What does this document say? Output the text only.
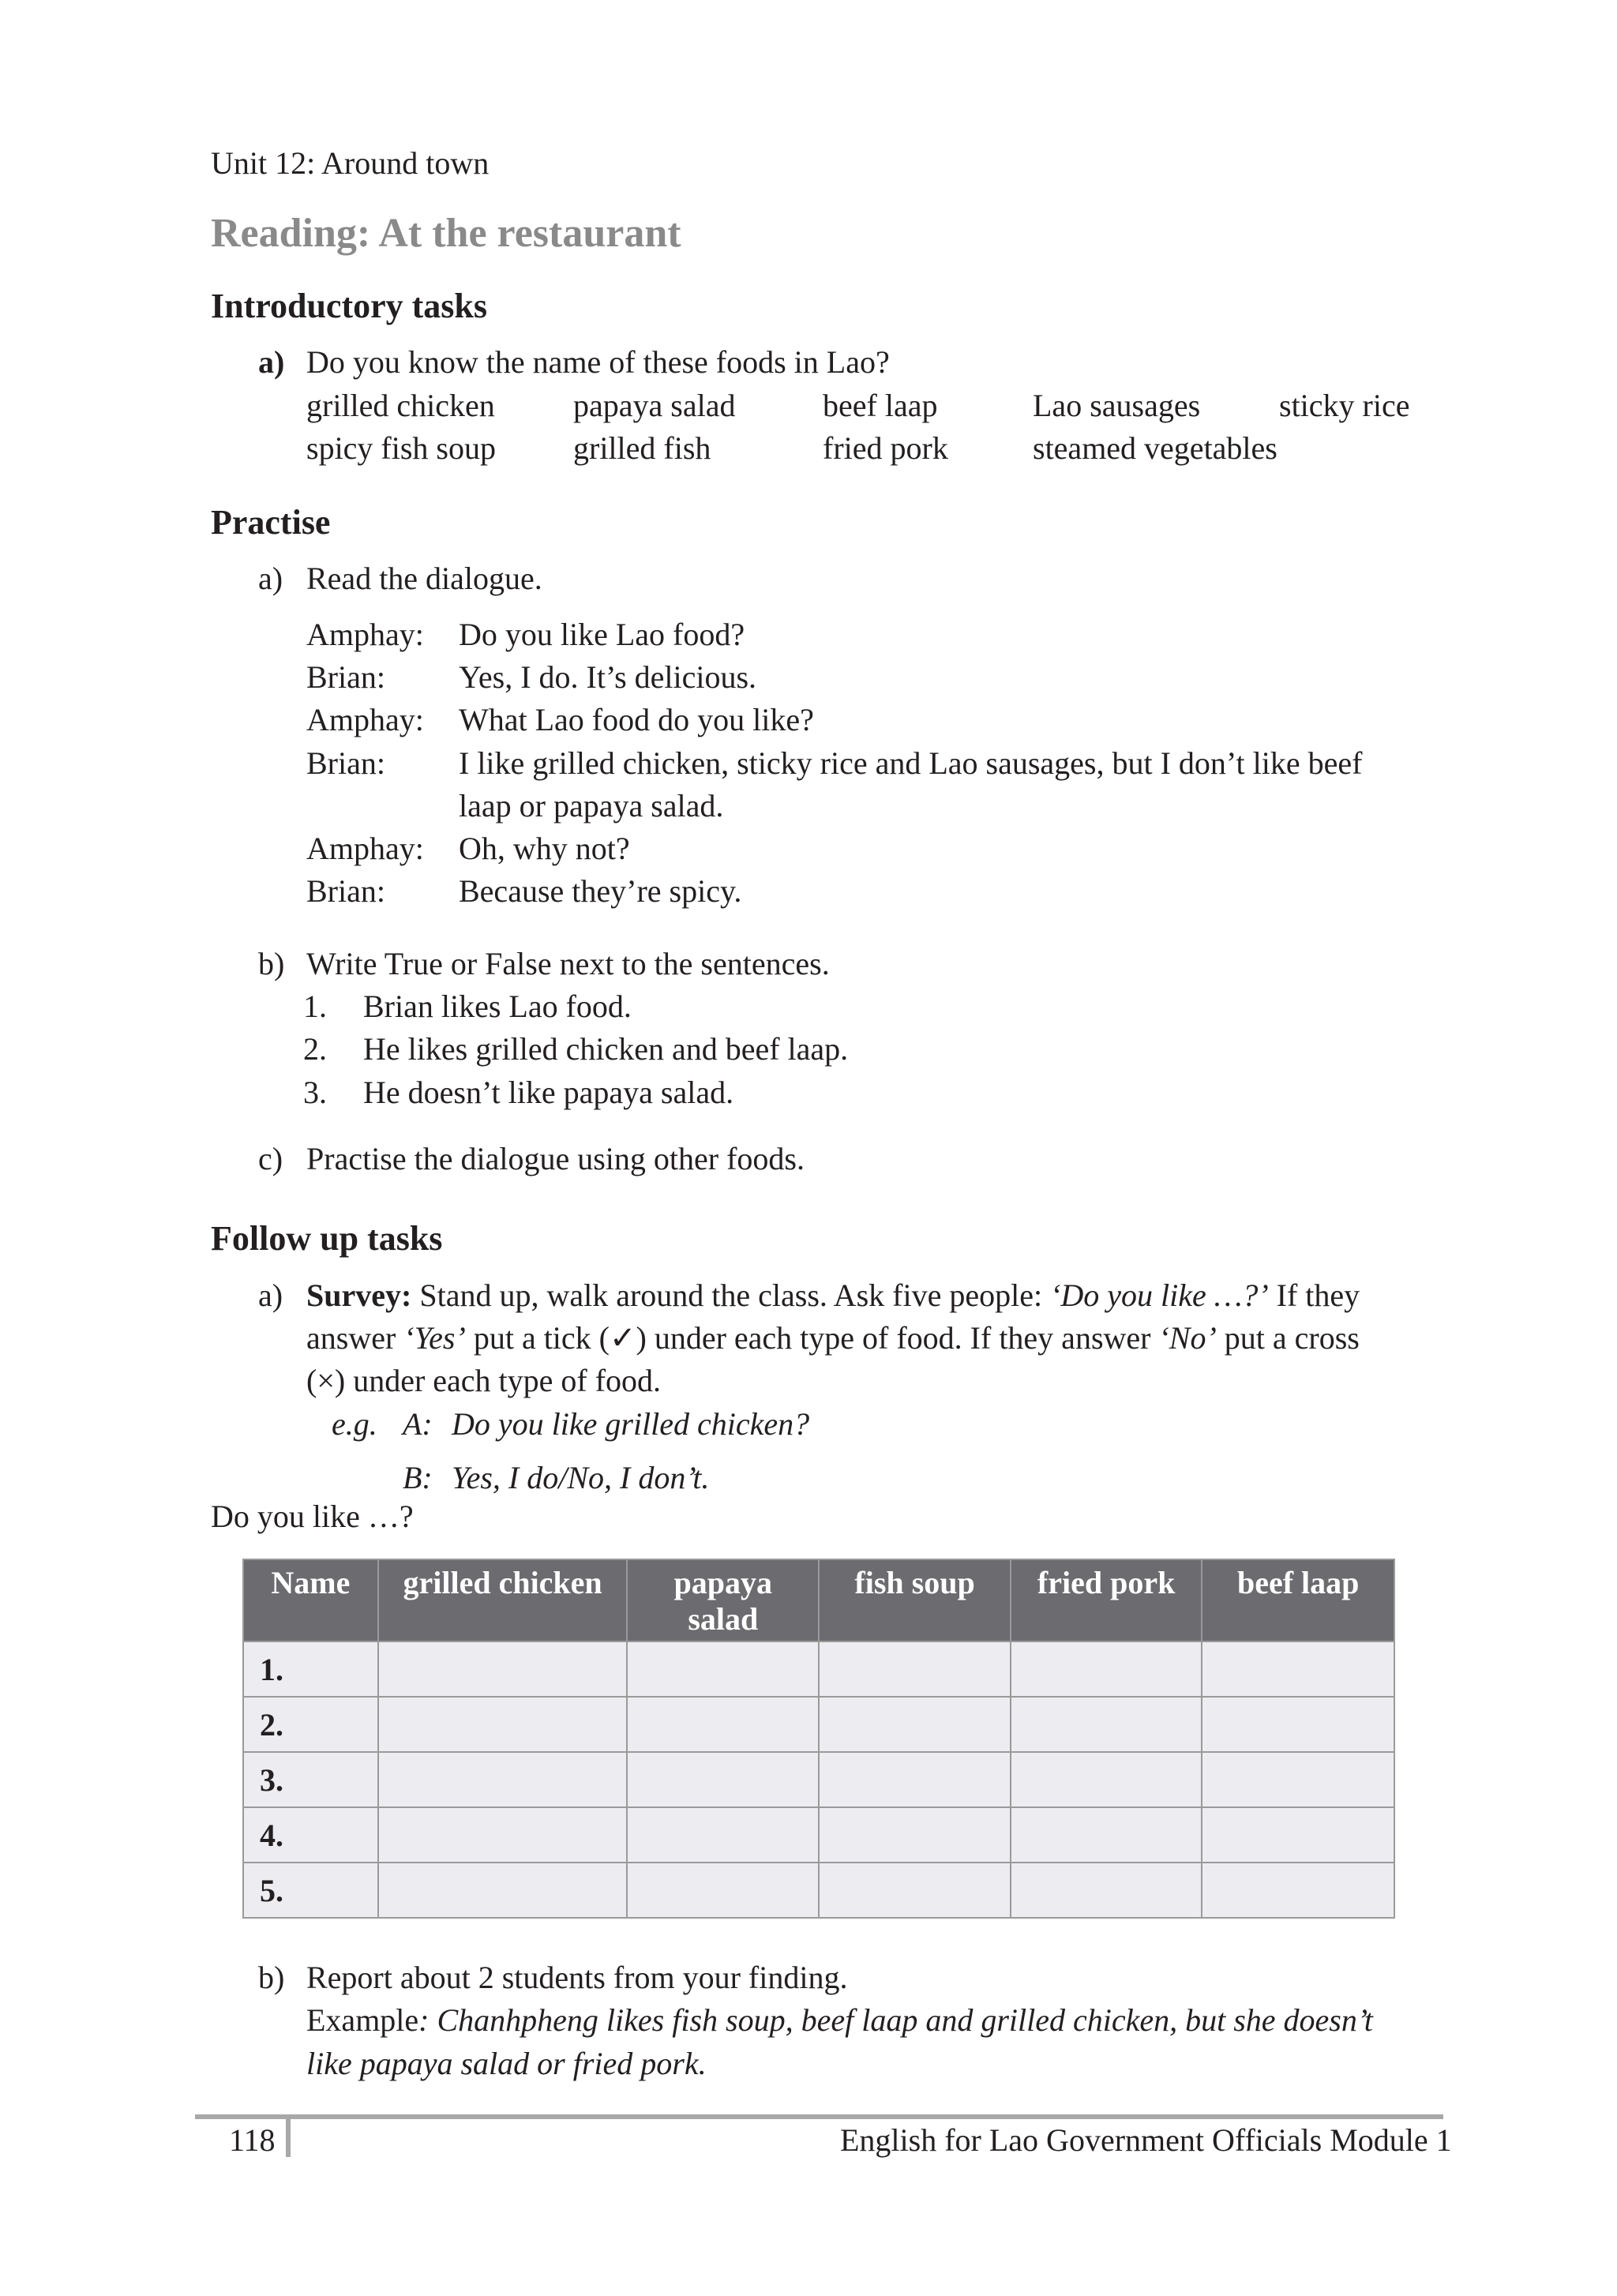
Unit 12: Around town
Reading: At the restaurant
Introductory tasks
a) Do you know the name of these foods in Lao?
grilled chicken papaya salad	beef laap	Lao sausages sticky rice
spicy fish soup grilled fish	fried pork	steamed vegetables
Practise
a) Read the dialogue.
Amphay: Do you like Lao food?
Brian: Yes, I do. It’s delicious.
Amphay: What Lao food do you like?
Brian: I like grilled chicken, sticky rice and Lao sausages, but I don’t like beef
laap or papaya salad.
Amphay: Oh, why not?
Brian: Because they’re spicy.
b) Write True or False next to the sentences.
1. Brian likes Lao food.
2. He likes grilled chicken and beef laap.
3. He doesn’t like papaya salad.
c) Practise the dialogue using other foods.
Follow up tasks
a) Survey: Stand up, walk around the class. Ask five people: ‘Do you like …?’ If they
answer ‘Yes’ put a tick (✓) under each type of food. If they answer ‘No’ put a cross
(×) under each type of food.
e.g. A: Do you like grilled chicken?
B: Yes, I do/No, I don’t.
Do you like …?
Name	grilled chicken	papaya salad	fish soup	fried pork	beef laap
1.					
2.					
3.					
4.					
5.					
b) Report about 2 students from your finding.
Example: Chanhpheng likes fish soup, beef laap and grilled chicken, but she doesn’t
like papaya salad or fried pork.
118	English for Lao Government Officials Module 1
